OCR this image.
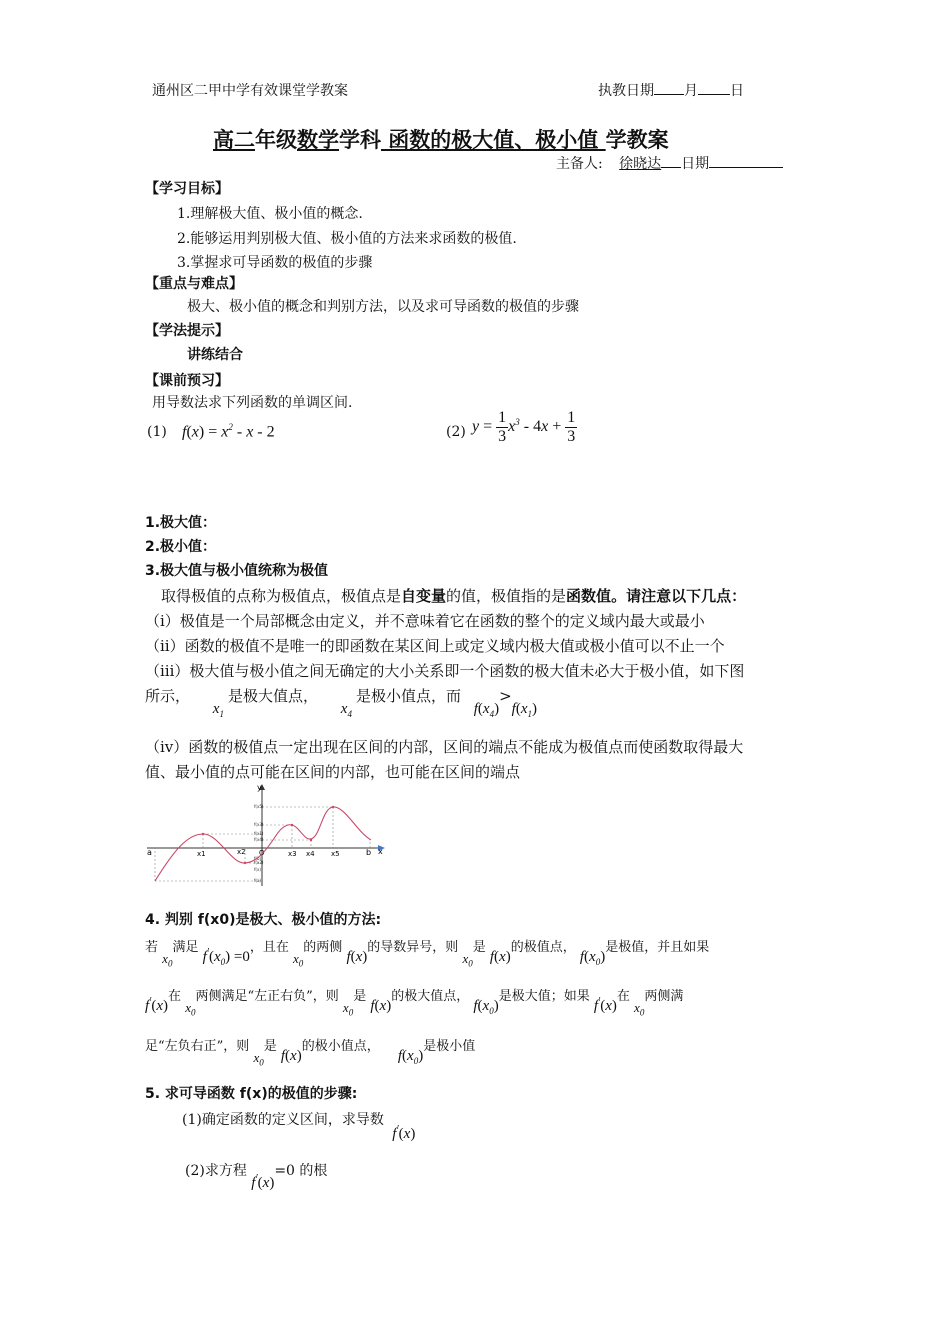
通州区二甲中学有效课堂学教案	执教日期 月 日
高二年级数学学科 函数的极大值、极小值 学教案
主备人: 徐晓达 日期
【学习目标】
1.理解极大值、极小值的概念.
2.能够运用判别极大值、极小值的方法来求函数的极值.
3.掌握求可导函数的极值的步骤
【重点与难点】
极大、极小值的概念和判别方法，以及求可导函数的极值的步骤
【学法提示】
讲练结合
【课前预习】
用导数法求下列函数的单调区间.
(1) $f(x) = x^2 - x - 2$	(2) $y = \frac{1}{3} x^3 - 4x + \frac{1}{3}$
1.极大值：
2.极小值：
3.极大值与极小值统称为极值
取得极值的点称为极值点，极值点是自变量的值，极值指的是函数值。请注意以下几点：
（ⅰ）极值是一个局部概念由定义，并不意味着它在函数的整个的定义域内最大或最小
（ⅱ）函数的极值不是唯一的即函数在某区间上或定义域内极大值或极小值可以不止一个
（ⅲ）极大值与极小值之间无确定的大小关系即一个函数的极大值未必大于极小值，如下图
所示， $x_1$是极大值点， $x_4$是极小值点，而 $f(x_4)>f(x_1)$
（ⅳ）函数的极值点一定出现在区间的内部，区间的端点不能成为极值点而使函数取得最大
值、最小值的点可能在区间的内部，也可能在区间的端点
y
x
O
a	b
x1	x2	x3 x4 x5
f(x5)
f(x3)
f(x1)
f(x4)
f(b)
f(x2)
f(x)
f(a)
4. 判别 f(x0)是极大、极小值的方法:
若 $x_0$满足 $f'(x_0) =0$，且在 $x_0$的两侧 f(x)的导数异号，则 $x_0$是 f(x)的极值点， $f(x_0)$是极值，并且如果
f′(x)在 $x_0$两侧满足“左正右负”，则 $x_0$是 f(x)的极大值点， $f(x_0)$是极大值；如果 f′(x)在 $x_0$两侧满
足“左负右正”，则 $x_0$是 f(x)的极小值点， $f(x_0)$是极小值
5. 求可导函数 f(x)的极值的步骤:
(1)确定函数的定义区间，求导数 f′(x)
(2)求方程 f′(x)=0 的根
